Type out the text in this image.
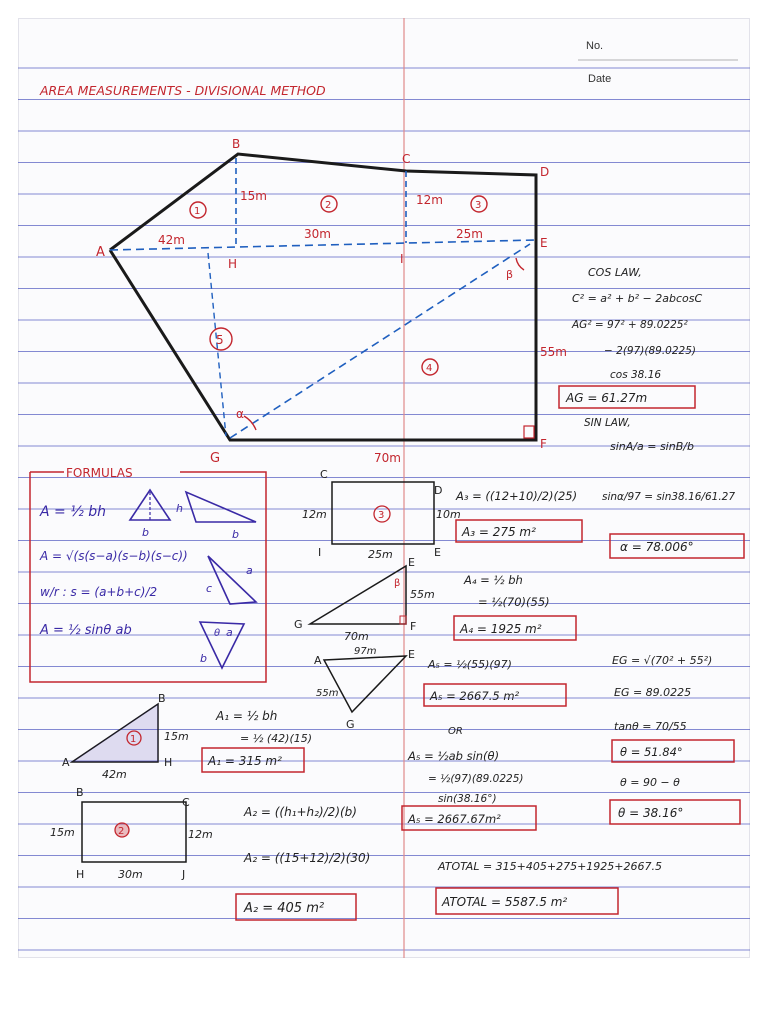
No.
Date
AREA MEASUREMENTS - DIVISIONAL METHOD
A
B
C
D
E
F
G
H	I
42m	30m	25m
15m	12m
55m
70m
1
2	3
4
5
α
β	COS LAW,
C² = a² + b² − 2abcosC
AG² = 97² + 89.0225²
− 2(97)(89.0225)
cos 38.16
AG = 61.27m
SIN LAW,
sinA/a = sinB/b
sinα/97 = sin38.16/61.27
α = 78.006°
FORMULAS
A = ½ bh
b
h
b
A = √(s(s−a)(s−b)(s−c))
w/r : s = (a+b+c)/2
a
c
A = ½ sinθ ab	a
θ
b
3
C
D
I	E
12m	10m
25m
A₃ = ((12+10)/2)(25)
A₃ = 275 m²
E
G	F
β
55m
70m
A₄ = ½ bh
= ½(70)(55)
A₄ = 1925 m²
A	E
G
97m
55m
A₅ = ½(55)(97)
A₅ = 2667.5 m²
OR
A₅ = ½ab sin(θ)
= ½(97)(89.0225)
sin(38.16°)
A₅ = 2667.67m²
EG = √(70² + 55²)
EG = 89.0225
tanθ = 70/55
θ = 51.84°
θ = 90 − θ
θ = 38.16°
1
A
B
H
15m
42m
A₁ = ½ bh
= ½ (42)(15)
A₁ = 315 m²
2
B
C
H	J
15m	12m
30m
A₂ = ((h₁+h₂)/2)(b)
A₂ = ((15+12)/2)(30)
A₂ = 405 m²
ATOTAL = 315+405+275+1925+2667.5
ATOTAL = 5587.5 m²
